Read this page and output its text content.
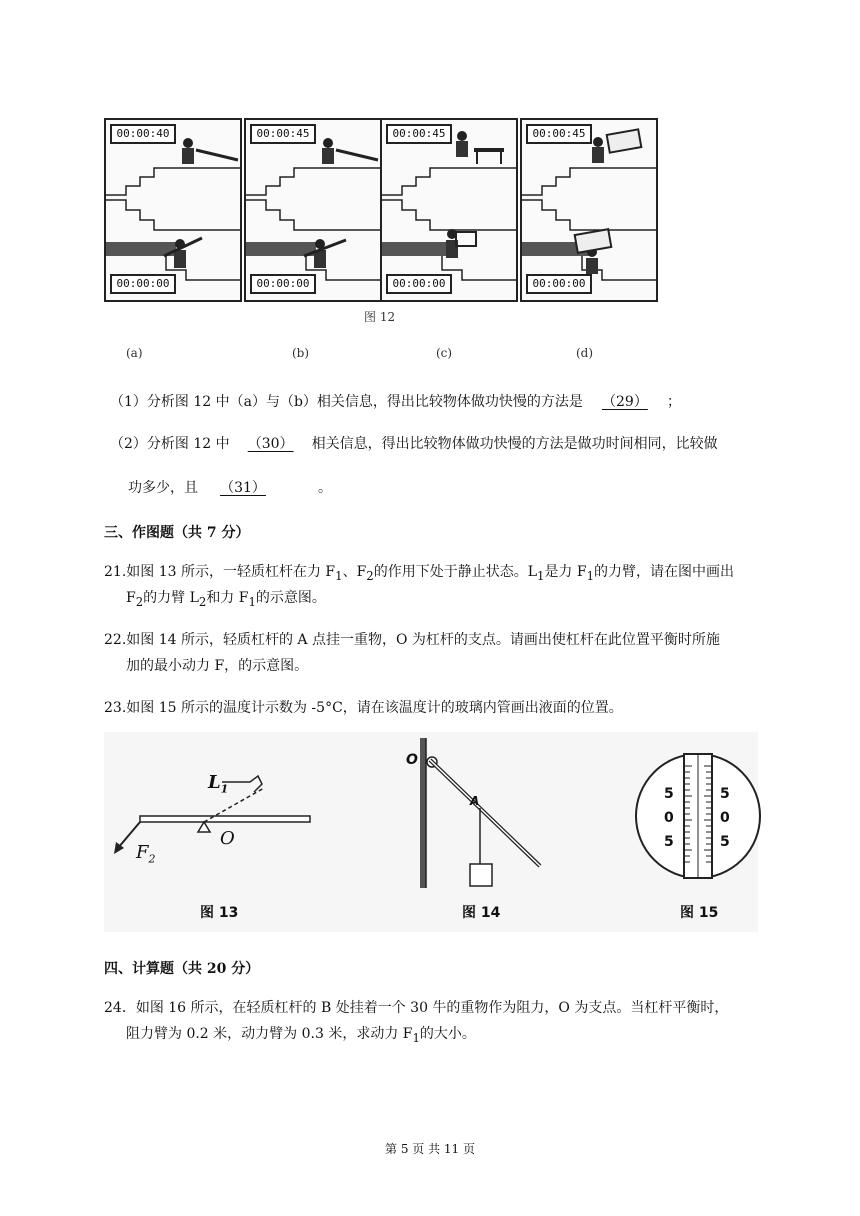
00:00:40
00:00:00
00:00:45
00:00:00
00:00:45
00:00:00
00:00:45
00:00:00
图 12
(a)	(b)	(c)	(d)
（1）分析图 12 中（a）与（b）相关信息，得出比较物体做功快慢的方法是 （29） ；
（2）分析图 12 中 （30） 相关信息，得出比较物体做功快慢的方法是做功时间相同，比较做
功多少，且 （31）	。
三、作图题（共 7 分）
21.如图 13 所示，一轻质杠杆在力 $F_1$、$F_2$的作用下处于静止状态。$L_1$是力 $F_1$的力臂，请在图中画出
$F_2$的力臂 $L_2$和力 $F_1$的示意图。
22.如图 14 所示，轻质杠杆的 A 点挂一重物，O 为杠杆的支点。请画出使杠杆在此位置平衡时所施
加的最小动力 F，的示意图。
23.如图 15 所示的温度计示数为 -5°C，请在该温度计的玻璃内管画出液面的位置。
$L_1$
O
$F_2$
图 13
O
A
图 14
5
0
5
5
0
5
图 15
四、计算题（共 20 分）
24．如图 16 所示，在轻质杠杆的 B 处挂着一个 30 牛的重物作为阻力，O 为支点。当杠杆平衡时，
阻力臂为 0.2 米，动力臂为 0.3 米，求动力 $F_1$的大小。
第 5 页 共 11 页
